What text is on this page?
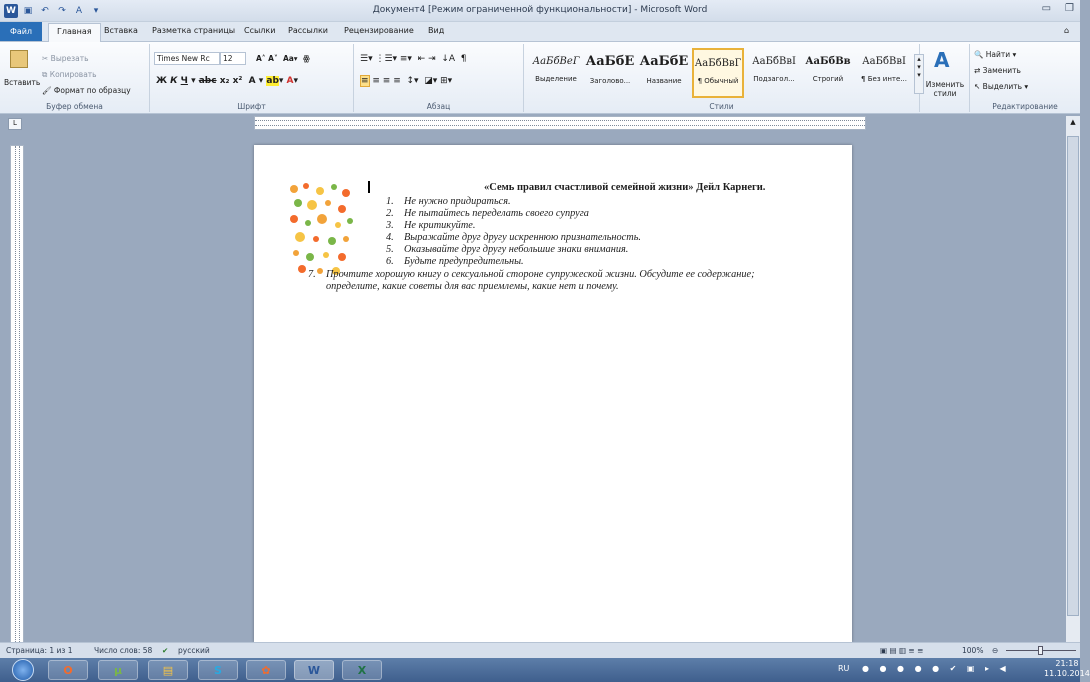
W ▣ ↶	↷	A	▾	Документ4 [Режим ограниченной функциональности] - Microsoft Word	▭ ❐
Файл	Главная	Вставка Разметка страницы Ссылки Рассылки Рецензирование Вид	⌂
Вставить
✂ Вырезать
⧉ Копировать
🖌 Формат по образцу
Буфер обмена
Times New Rc	12	A˄ A˅  Aa▾  ꙮ
Ж К Ч ▾ abc x₂ x²  A ▾ ab▾ A▾
Шрифт
☰▾ ⋮☰▾ ≡▾  ⇤ ⇥  ↓A  ¶
≡ ≡ ≡ ≡  ↕▾  ◪▾ ⊞▾
Абзац
АаБбВеГ
Выделение
АаБбЕ
Заголово...
АаБбЕ
Название
АаБбВвГ
¶ Обычный
АаБбВвI
Подзагол...
АаБбВв
Строгий
АаБбВвI
¶ Без инте...
▴
▾
▾
Стили
A
Изменить стили
🔍 Найти ▾
⇄ Заменить
↖ Выделить ▾
Редактирование
L
«Семь правил счастливой семейной жизни» Дейл Карнеги.
1. Не нужно придираться.
2. Не пытайтесь переделать своего супруга
3. Не критикуйте.
4. Выражайте друг другу искреннюю признательность.
5. Оказывайте друг другу небольшие знаки внимания.
6. Будьте предупредительны.
7. Прочтите хорошую книгу о сексуальной стороне супружеской жизни. Обсудите ее содержание; определите, какие советы для вас приемлемы, какие нет и почему.
▲
Страница: 1 из 1	Число слов: 58 ✔ русский	▣ ▤ ▥ ≡ ≡	100% ⊖
O	µ	▤	S	✿	W	X	RU ● ● ● ● ● ✔ ▣ ▸ ◀
21:18
11.10.2014
